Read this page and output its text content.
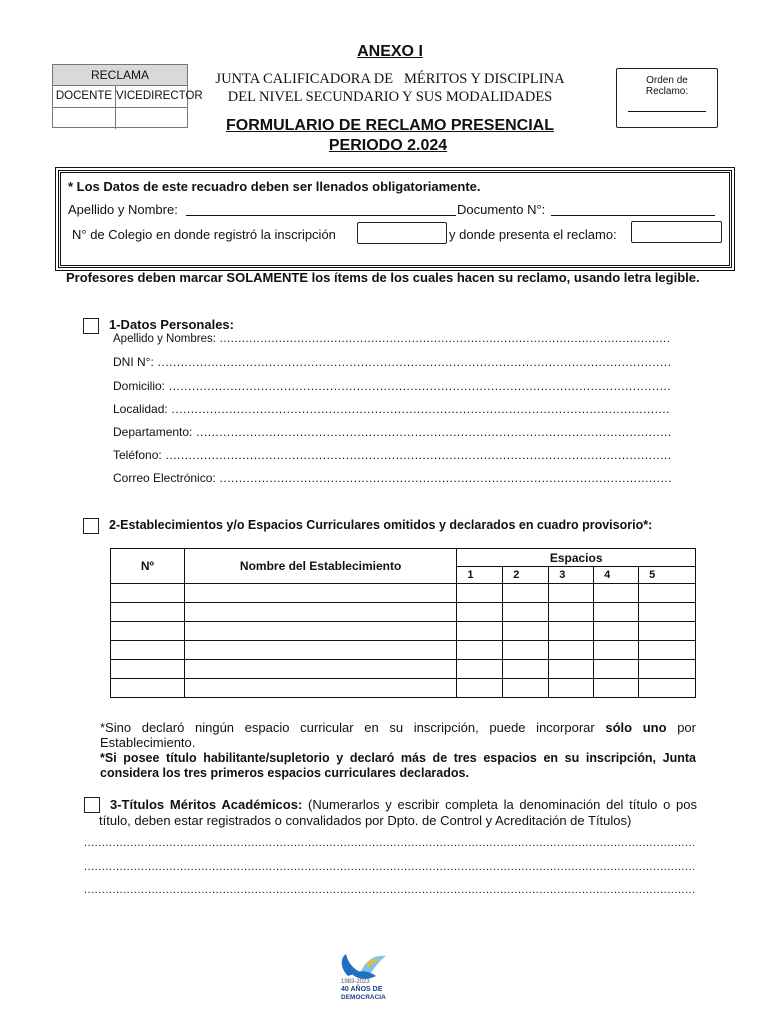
ANEXO I
RECLAMA
DOCENTE VICEDIRECTOR
JUNTA CALIFICADORA DE   MÉRITOS Y DISCIPLINA
DEL NIVEL SECUNDARIO Y SUS MODALIDADES
Orden de
Reclamo:
FORMULARIO DE RECLAMO PRESENCIAL
PERIODO 2.024
* Los Datos de este recuadro deben ser llenados obligatoriamente.
Apellido y Nombre:	Documento N°:
N° de Colegio en donde registró la inscripción	y donde presenta el reclamo:
Profesores deben marcar SOLAMENTE los ítems de los cuales hacen su reclamo, usando letra legible.
1-Datos Personales:
Apellido y Nombres: .....
DNI N°: .....
Domicilio: .....
Localidad: .....
Departamento: .....
Teléfono: .....
Correo Electrónico: .....
2-Establecimientos y/o Espacios Curriculares omitidos y declarados en cuadro provisorio*:
Nº	Nombre del Establecimiento	Espacios				
		1	2	3	4	5

*Sino declaró ningún espacio curricular en su inscripción, puede incorporar sólo uno por Establecimiento.
*Si posee título habilitante/supletorio y declaró más de tres espacios en su inscripción, Junta considera los tres primeros espacios curriculares declarados.
3-Títulos Méritos Académicos: (Numerarlos y escribir completa la denominación del título o pos título, deben estar registrados o convalidados por Dpto. de Control y Acreditación de Títulos)
.....
.....
.....
1983-2023
40 AÑOS DE
DEMOCRACIA
